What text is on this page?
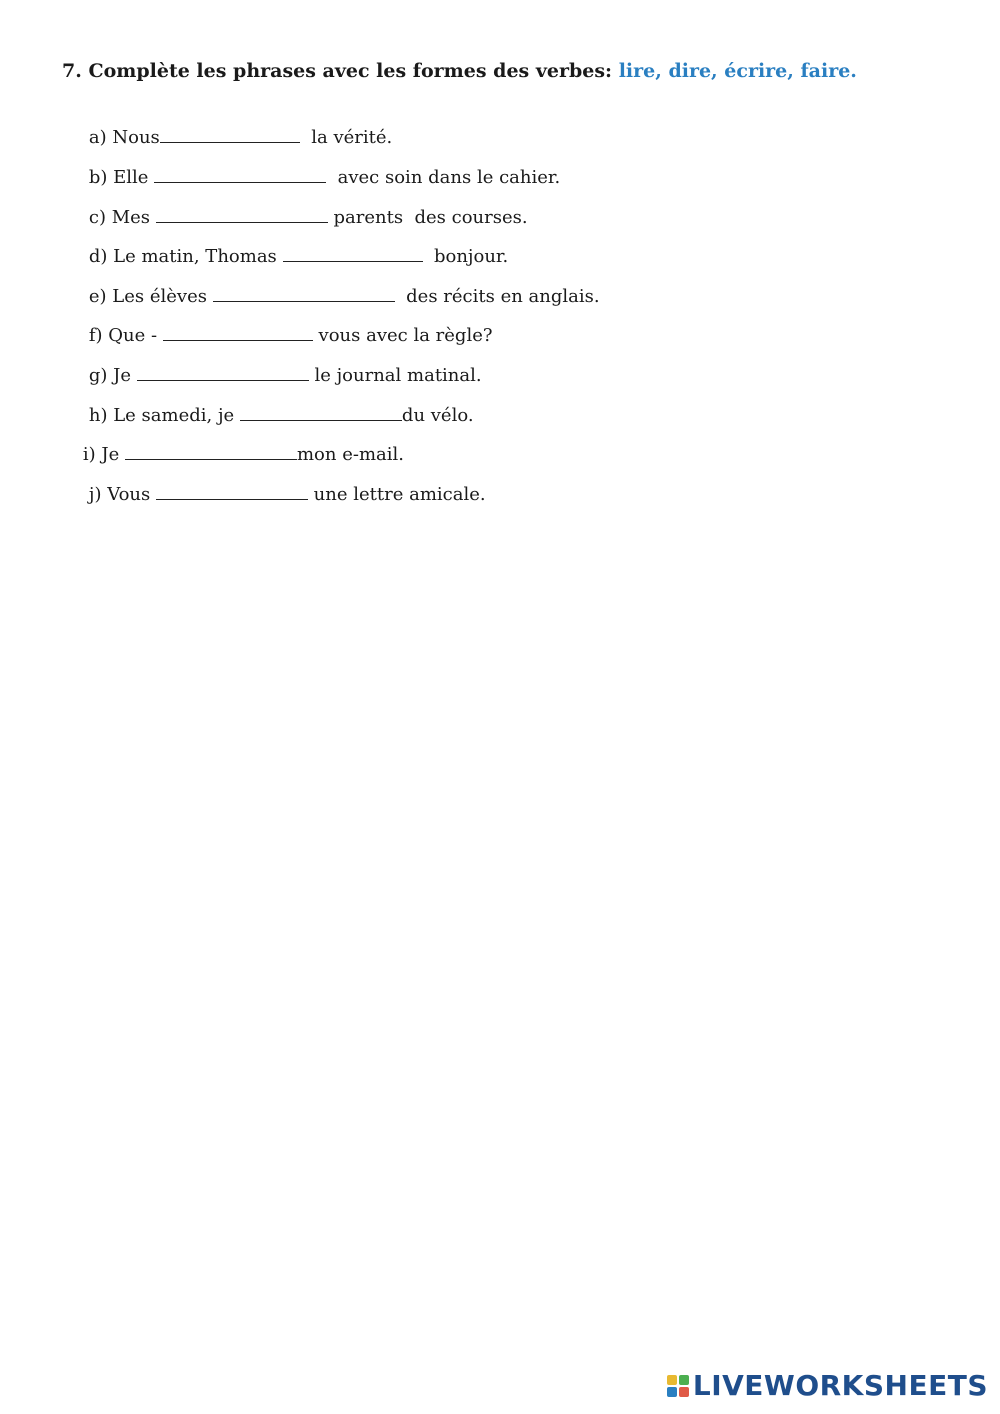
7. Complète les phrases avec les formes des verbes: lire, dire, écrire, faire.

a) Nous	la vérité.

b) Elle	avec soin dans le cahier.

c) Mes	parents  des courses.

d) Le matin, Thomas	bonjour.

e) Les élèves	des récits en anglais.

f) Que -	vous avec la règle?

g) Je	le journal matinal.

h) Le samedi, je	du vélo.

i) Je	mon e-mail.

j) Vous	une lettre amicale.

LIVEWORKSHEETS
